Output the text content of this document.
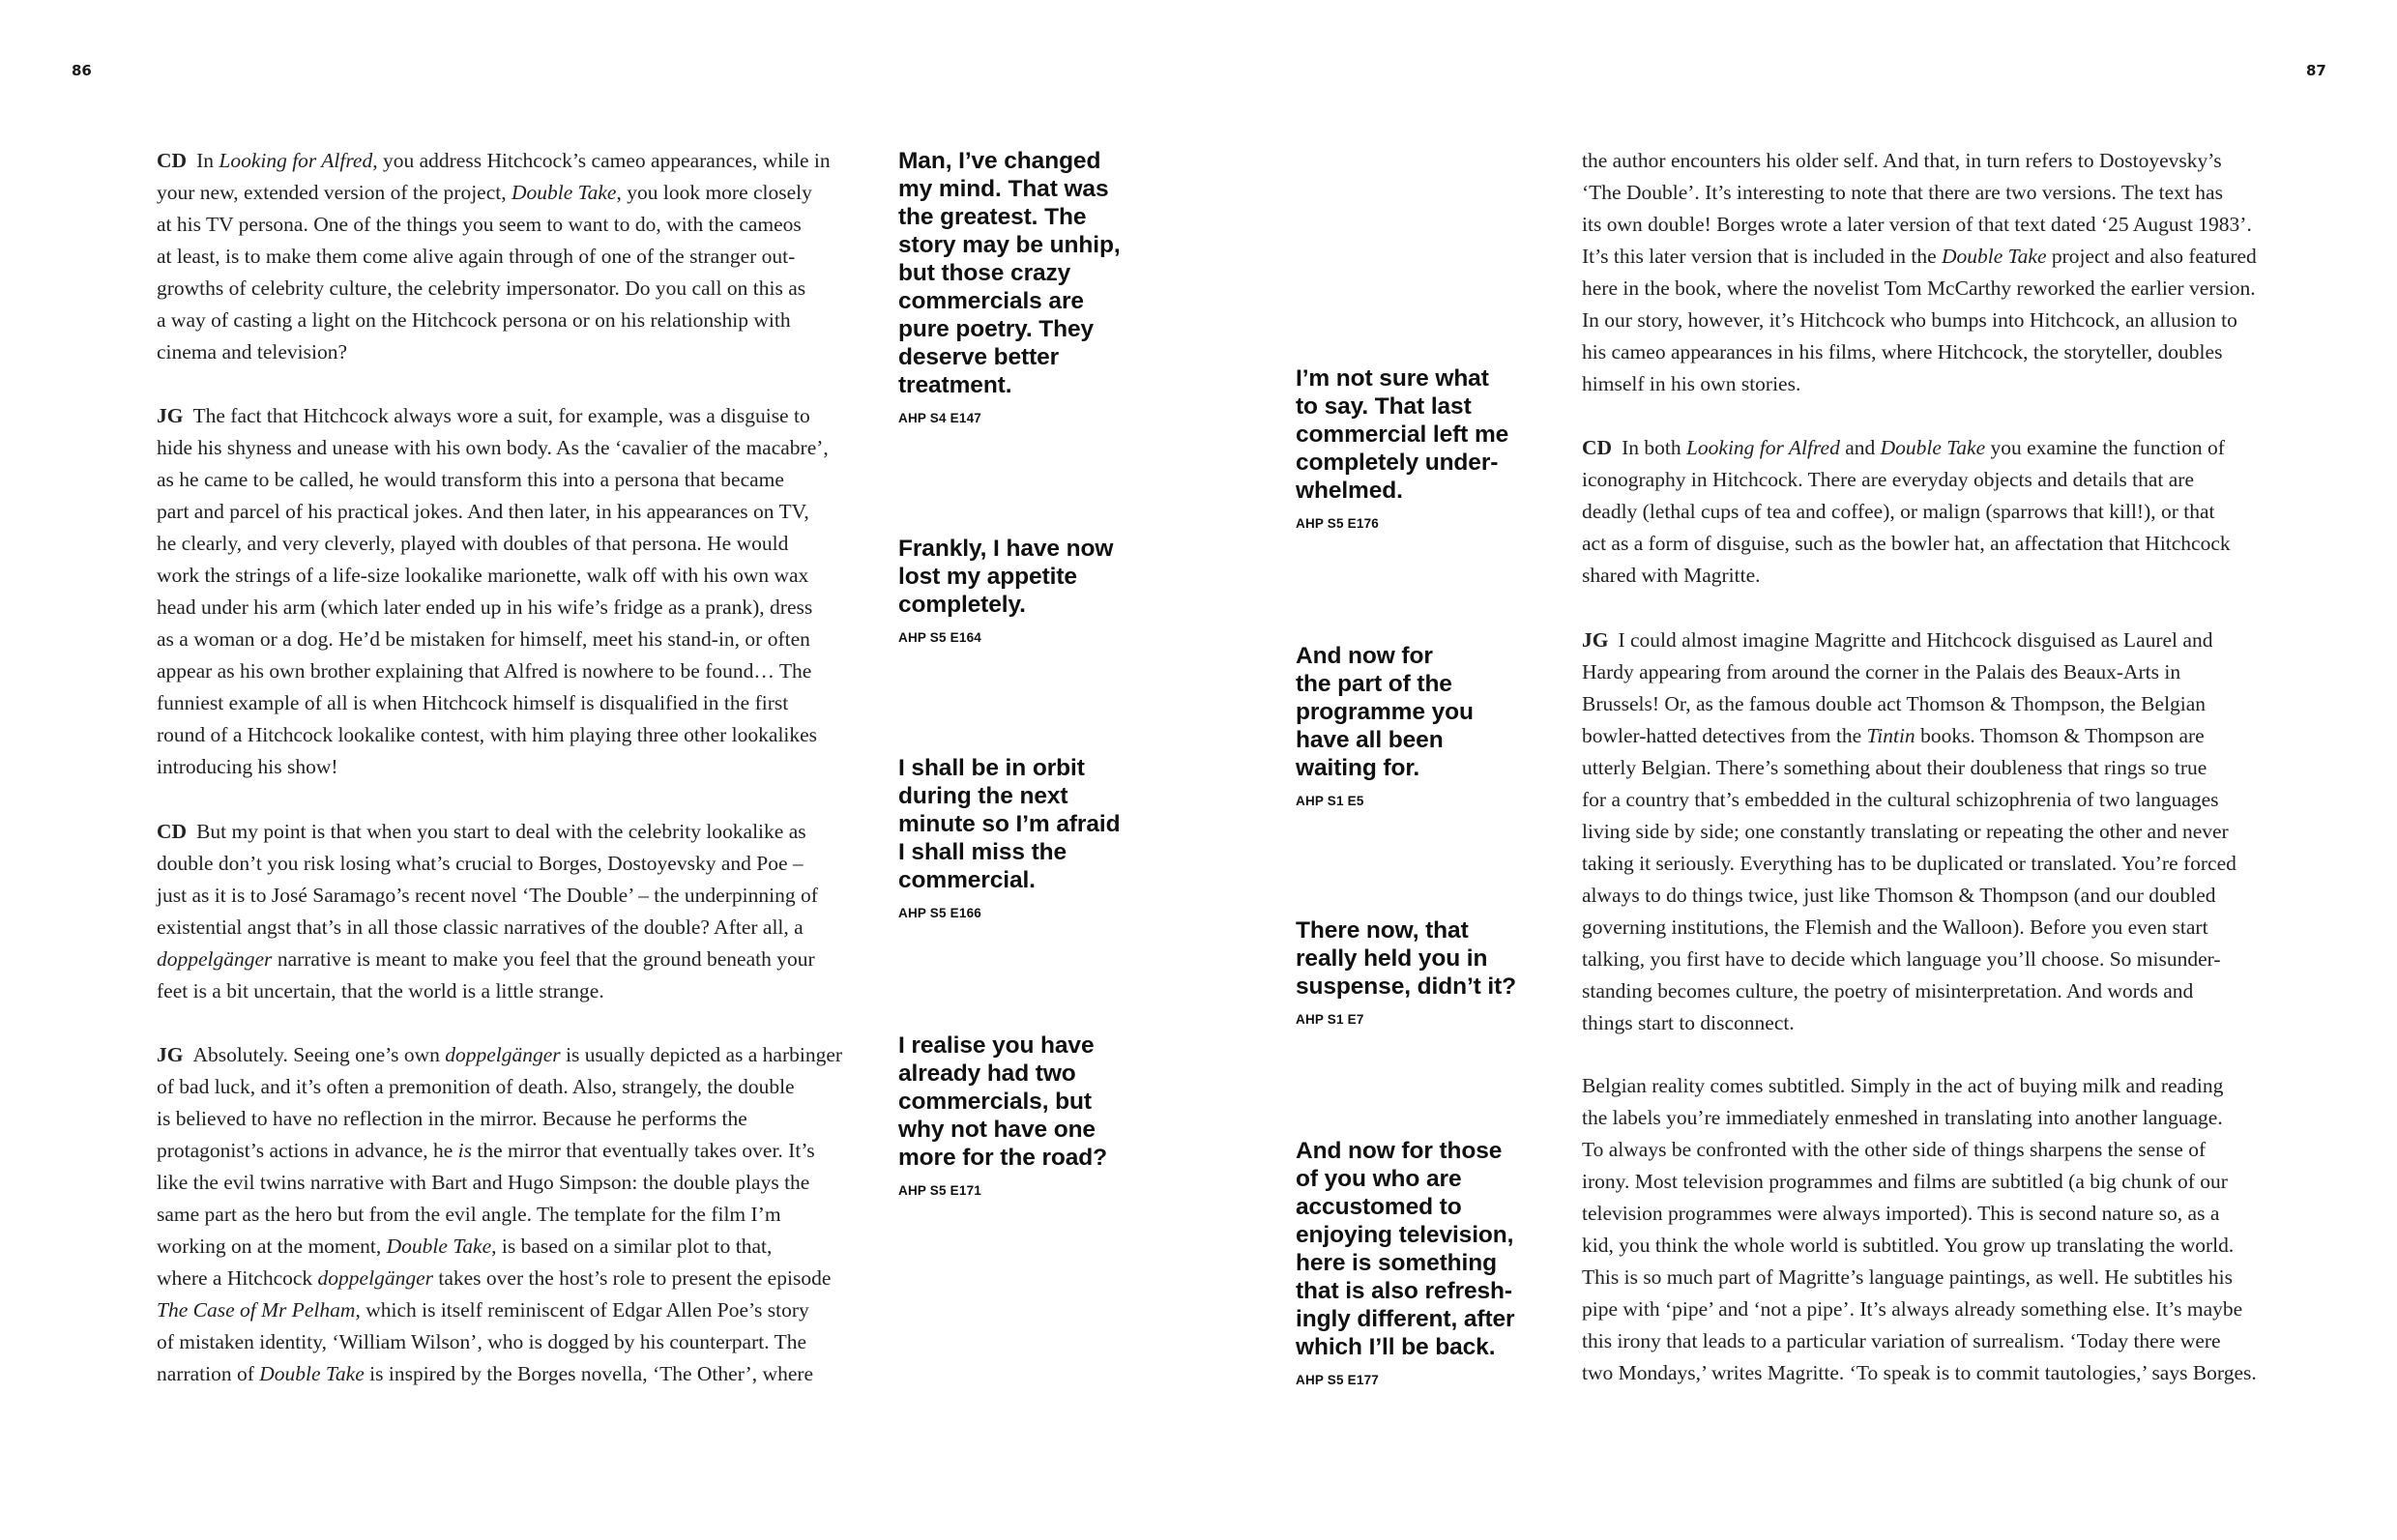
86	87
CD In Looking for Alfred, you address Hitchcock’s cameo appearances, while in
your new, extended version of the project, Double Take, you look more closely
at his TV persona. One of the things you seem to want to do, with the cameos
at least, is to make them come alive again through of one of the stranger out-
growths of celebrity culture, the celebrity impersonator. Do you call on this as
a way of casting a light on the Hitchcock persona or on his relationship with
cinema and television?
JG The fact that Hitchcock always wore a suit, for example, was a disguise to
hide his shyness and unease with his own body. As the ‘cavalier of the macabre’,
as he came to be called, he would transform this into a persona that became
part and parcel of his practical jokes. And then later, in his appearances on TV,
he clearly, and very cleverly, played with doubles of that persona. He would
work the strings of a life-size lookalike marionette, walk off with his own wax
head under his arm (which later ended up in his wife’s fridge as a prank), dress
as a woman or a dog. He’d be mistaken for himself, meet his stand-in, or often
appear as his own brother explaining that Alfred is nowhere to be found… The
funniest example of all is when Hitchcock himself is disqualified in the first
round of a Hitchcock lookalike contest, with him playing three other lookalikes
introducing his show!
CD But my point is that when you start to deal with the celebrity lookalike as
double don’t you risk losing what’s crucial to Borges, Dostoyevsky and Poe –
just as it is to José Saramago’s recent novel ‘The Double’ – the underpinning of
existential angst that’s in all those classic narratives of the double? After all, a
doppelgänger narrative is meant to make you feel that the ground beneath your
feet is a bit uncertain, that the world is a little strange.
JG Absolutely. Seeing one’s own doppelgänger is usually depicted as a harbinger
of bad luck, and it’s often a premonition of death. Also, strangely, the double
is believed to have no reflection in the mirror. Because he performs the
protagonist’s actions in advance, he is the mirror that eventually takes over. It’s
like the evil twins narrative with Bart and Hugo Simpson: the double plays the
same part as the hero but from the evil angle. The template for the film I’m
working on at the moment, Double Take, is based on a similar plot to that,
where a Hitchcock doppelgänger takes over the host’s role to present the episode
The Case of Mr Pelham, which is itself reminiscent of Edgar Allen Poe’s story
of mistaken identity, ‘William Wilson’, who is dogged by his counterpart. The
narration of Double Take is inspired by the Borges novella, ‘The Other’, where
Man, I’ve changed
my mind. That was
the greatest. The
story may be unhip,
but those crazy
commercials are
pure poetry. They
deserve better
treatment.
AHP S4 E147
Frankly, I have now
lost my appetite
completely.
AHP S5 E164
I shall be in orbit
during the next
minute so I’m afraid
I shall miss the
commercial.
AHP S5 E166
I realise you have
already had two
commercials, but
why not have one
more for the road?
AHP S5 E171
I’m not sure what
to say. That last
commercial left me
completely under-
whelmed.
AHP S5 E176
And now for
the part of the
programme you
have all been
waiting for.
AHP S1 E5
There now, that
really held you in
suspense, didn’t it?
AHP S1 E7
And now for those
of you who are
accustomed to
enjoying television,
here is something
that is also refresh-
ingly different, after
which I’ll be back.
AHP S5 E177
the author encounters his older self. And that, in turn refers to Dostoyevsky’s
‘The Double’. It’s interesting to note that there are two versions. The text has
its own double! Borges wrote a later version of that text dated ‘25 August 1983’.
It’s this later version that is included in the Double Take project and also featured
here in the book, where the novelist Tom McCarthy reworked the earlier version.
In our story, however, it’s Hitchcock who bumps into Hitchcock, an allusion to
his cameo appearances in his films, where Hitchcock, the storyteller, doubles
himself in his own stories.
CD In both Looking for Alfred and Double Take you examine the function of
iconography in Hitchcock. There are everyday objects and details that are
deadly (lethal cups of tea and coffee), or malign (sparrows that kill!), or that
act as a form of disguise, such as the bowler hat, an affectation that Hitchcock
shared with Magritte.
JG I could almost imagine Magritte and Hitchcock disguised as Laurel and
Hardy appearing from around the corner in the Palais des Beaux-Arts in
Brussels! Or, as the famous double act Thomson & Thompson, the Belgian
bowler-hatted detectives from the Tintin books. Thomson & Thompson are
utterly Belgian. There’s something about their doubleness that rings so true
for a country that’s embedded in the cultural schizophrenia of two languages
living side by side; one constantly translating or repeating the other and never
taking it seriously. Everything has to be duplicated or translated. You’re forced
always to do things twice, just like Thomson & Thompson (and our doubled
governing institutions, the Flemish and the Walloon). Before you even start
talking, you first have to decide which language you’ll choose. So misunder-
standing becomes culture, the poetry of misinterpretation. And words and
things start to disconnect.
Belgian reality comes subtitled. Simply in the act of buying milk and reading
the labels you’re immediately enmeshed in translating into another language.
To always be confronted with the other side of things sharpens the sense of
irony. Most television programmes and films are subtitled (a big chunk of our
television programmes were always imported). This is second nature so, as a
kid, you think the whole world is subtitled. You grow up translating the world.
This is so much part of Magritte’s language paintings, as well. He subtitles his
pipe with ‘pipe’ and ‘not a pipe’. It’s always already something else. It’s maybe
this irony that leads to a particular variation of surrealism. ‘Today there were
two Mondays,’ writes Magritte. ‘To speak is to commit tautologies,’ says Borges.
